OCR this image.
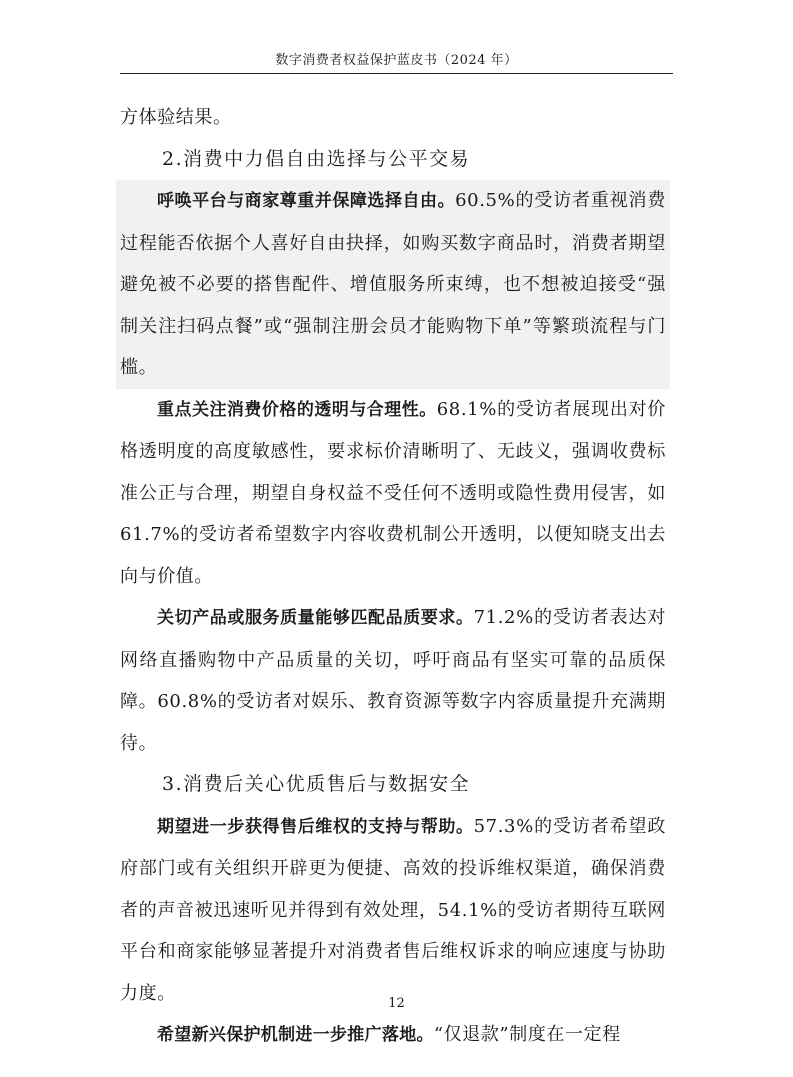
数字消费者权益保护蓝皮书（2024 年）

方体验结果。

2.消费中力倡自由选择与公平交易

呼唤平台与商家尊重并保障选择自由。60.5%的受访者重视消费过程能否依据个人喜好自由抉择，如购买数字商品时，消费者期望避免被不必要的搭售配件、增值服务所束缚，也不想被迫接受“强制关注扫码点餐”或“强制注册会员才能购物下单”等繁琐流程与门槛。

重点关注消费价格的透明与合理性。68.1%的受访者展现出对价格透明度的高度敏感性，要求标价清晰明了、无歧义，强调收费标准公正与合理，期望自身权益不受任何不透明或隐性费用侵害，如61.7%的受访者希望数字内容收费机制公开透明，以便知晓支出去向与价值。

关切产品或服务质量能够匹配品质要求。71.2%的受访者表达对网络直播购物中产品质量的关切，呼吁商品有坚实可靠的品质保障。60.8%的受访者对娱乐、教育资源等数字内容质量提升充满期待。

3.消费后关心优质售后与数据安全

期望进一步获得售后维权的支持与帮助。57.3%的受访者希望政府部门或有关组织开辟更为便捷、高效的投诉维权渠道，确保消费者的声音被迅速听见并得到有效处理，54.1%的受访者期待互联网平台和商家能够显著提升对消费者售后维权诉求的响应速度与协助力度。

希望新兴保护机制进一步推广落地。“仅退款”制度在一定程

12
